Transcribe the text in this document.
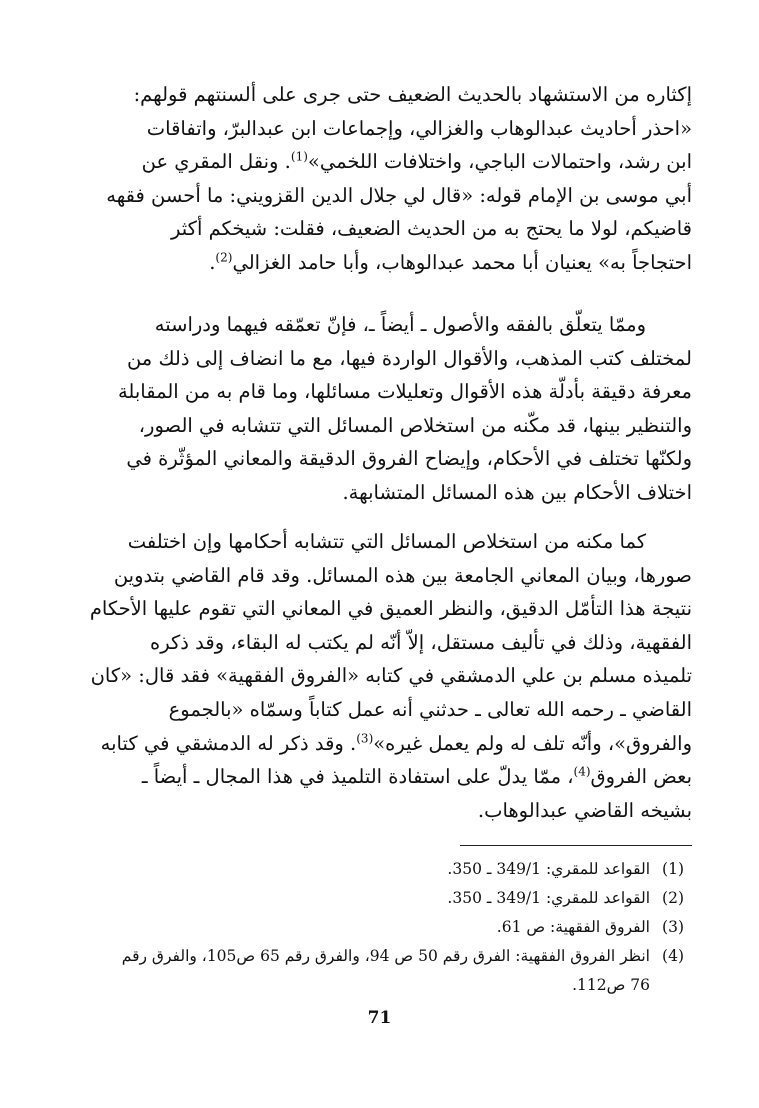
إكثاره من الاستشهاد بالحديث الضعيف حتى جرى على ألسنتهم قولهم:
«احذر أحاديث عبدالوهاب والغزالي، وإجماعات ابن عبدالبرّ، واتفاقات
ابن رشد، واحتمالات الباجي، واختلافات اللخمي»$^{(1)}$. ونقل المقري عن
أبي موسى بن الإمام قوله: «قال لي جلال الدين القزويني: ما أحسن فقهه
قاضيكم، لولا ما يحتج به من الحديث الضعيف، فقلت: شيخكم أكثر
احتجاجاً به» يعنيان أبا محمد عبدالوهاب، وأبا حامد الغزالي$^{(2)}$.
وممّا يتعلّق بالفقه والأصول ـ أيضاً ـ، فإنّ تعمّقه فيهما ودراسته
لمختلف كتب المذهب، والأقوال الواردة فيها، مع ما انضاف إلى ذلك من
معرفة دقيقة بأدلّة هذه الأقوال وتعليلات مسائلها، وما قام به من المقابلة
والتنظير بينها، قد مكّنه من استخلاص المسائل التي تتشابه في الصور،
ولكنّها تختلف في الأحكام، وإيضاح الفروق الدقيقة والمعاني المؤثّرة في
اختلاف الأحكام بين هذه المسائل المتشابهة.
كما مكنه من استخلاص المسائل التي تتشابه أحكامها وإن اختلفت
صورها، وبيان المعاني الجامعة بين هذه المسائل. وقد قام القاضي بتدوين
نتيجة هذا التأمّل الدقيق، والنظر العميق في المعاني التي تقوم عليها الأحكام
الفقهية، وذلك في تأليف مستقل، إلاّ أنّه لم يكتب له البقاء، وقد ذكره
تلميذه مسلم بن علي الدمشقي في كتابه «الفروق الفقهية» فقد قال: «كان
القاضي ـ رحمه الله تعالى ـ حدثني أنه عمل كتاباً وسمّاه «بالجموع
والفروق»، وأنّه تلف له ولم يعمل غيره»$^{(3)}$. وقد ذكر له الدمشقي في كتابه
بعض الفروق$^{(4)}$، ممّا يدلّ على استفادة التلميذ في هذا المجال ـ أيضاً ـ
بشيخه القاضي عبدالوهاب.
(1)
القواعد للمقري: 349/1 ـ 350.
(2)
القواعد للمقري: 349/1 ـ 350.
(3)
الفروق الفقهية: ص 61.
(4)
انظر الفروق الفقهية: الفرق رقم 50 ص 94، والفرق رقم 65 ص105، والفرق رقم
76 ص112.
71
